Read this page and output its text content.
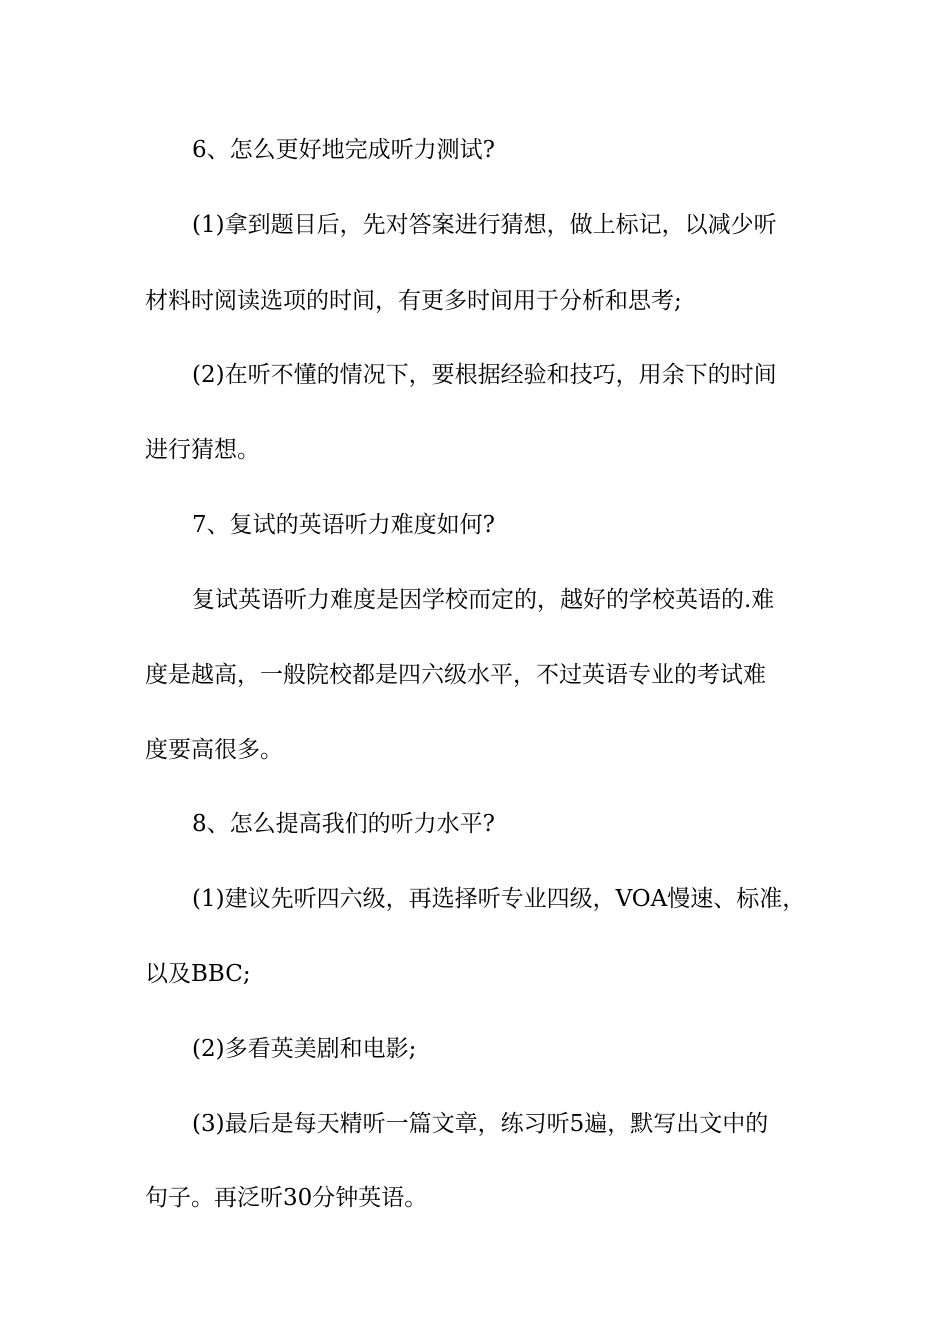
6、怎么更好地完成听力测试?
(1)拿到题目后，先对答案进行猜想，做上标记，以减少听
材料时阅读选项的时间，有更多时间用于分析和思考;
(2)在听不懂的情况下，要根据经验和技巧，用余下的时间
进行猜想。
7、复试的英语听力难度如何?
复试英语听力难度是因学校而定的，越好的学校英语的.难
度是越高，一般院校都是四六级水平，不过英语专业的考试难
度要高很多。
8、怎么提高我们的听力水平?
(1)建议先听四六级，再选择听专业四级，VOA慢速、标准，
以及BBC;
(2)多看英美剧和电影;
(3)最后是每天精听一篇文章，练习听5遍，默写出文中的
句子。再泛听30分钟英语。
